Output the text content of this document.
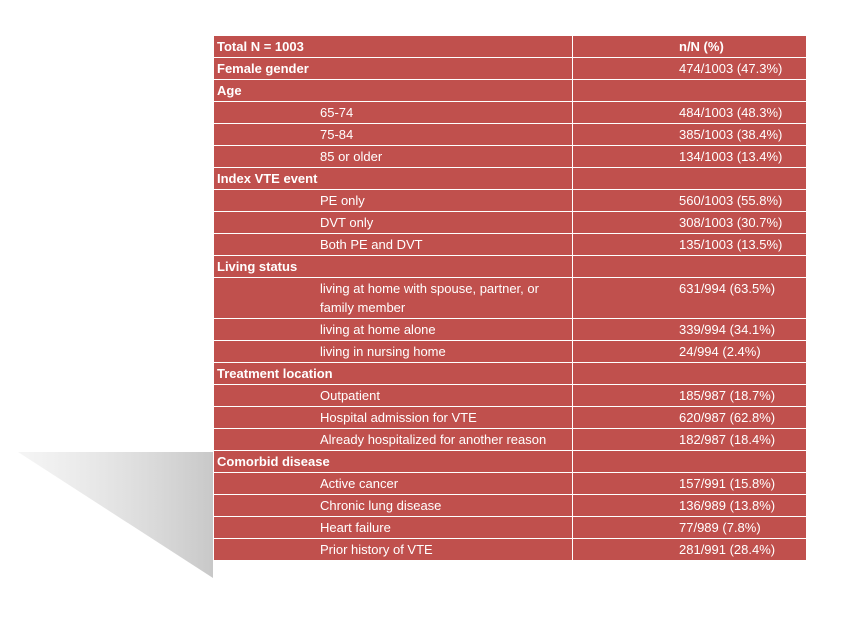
Total N = 1003	n/N (%)
Female gender	474/1003 (47.3%)
Age	
65-74	484/1003 (48.3%)
75-84	385/1003 (38.4%)
85 or older	134/1003 (13.4%)
Index VTE event	
PE only	560/1003 (55.8%)
DVT only	308/1003 (30.7%)
Both PE and DVT	135/1003 (13.5%)
Living status	
living at home with spouse, partner, or family member	631/994 (63.5%)
living at home alone	339/994 (34.1%)
living in nursing home	24/994 (2.4%)
Treatment location	
Outpatient	185/987 (18.7%)
Hospital admission for VTE	620/987 (62.8%)
Already hospitalized for another reason	182/987 (18.4%)
Comorbid disease	
Active cancer	157/991 (15.8%)
Chronic lung disease	136/989 (13.8%)
Heart failure	77/989 (7.8%)
Prior history of VTE	281/991 (28.4%)
